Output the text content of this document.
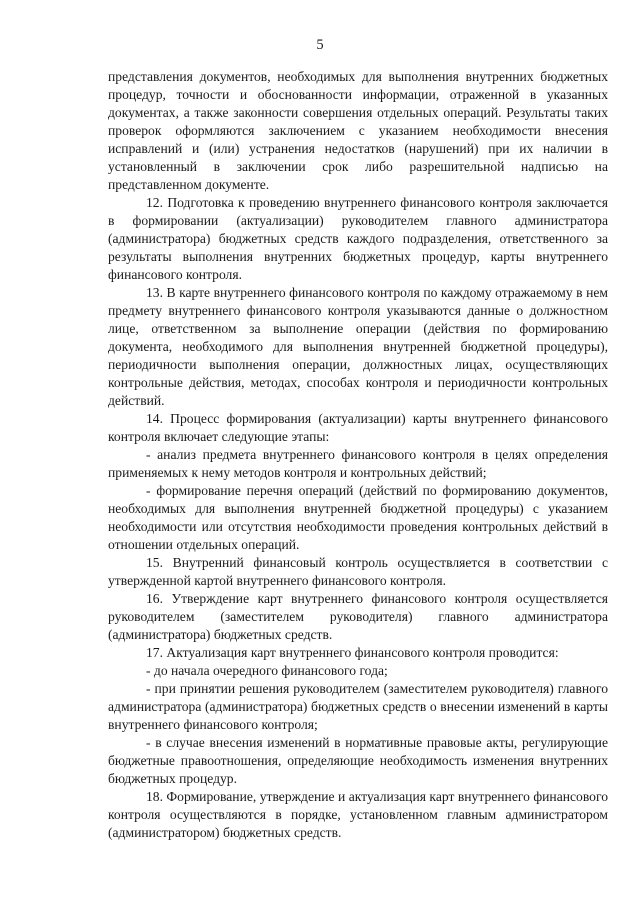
5

представления документов, необходимых для выполнения внутренних бюджетных процедур, точности и обоснованности информации, отраженной в указанных документах, а также законности совершения отдельных операций. Результаты таких проверок оформляются заключением с указанием необходимости внесения исправлений и (или) устранения недостатков (нарушений) при их наличии в установленный в заключении срок либо разрешительной надписью на представленном документе.

12. Подготовка к проведению внутреннего финансового контроля заключается в формировании (актуализации) руководителем главного администратора (администратора) бюджетных средств каждого подразделения, ответственного за результаты выполнения внутренних бюджетных процедур, карты внутреннего финансового контроля.

13. В карте внутреннего финансового контроля по каждому отражаемому в нем предмету внутреннего финансового контроля указываются данные о должностном лице, ответственном за выполнение операции (действия по формированию документа, необходимого для выполнения внутренней бюджетной процедуры), периодичности выполнения операции, должностных лицах, осуществляющих контрольные действия, методах, способах контроля и периодичности контрольных действий.

14. Процесс формирования (актуализации) карты внутреннего финансового контроля включает следующие этапы:

- анализ предмета внутреннего финансового контроля в целях определения применяемых к нему методов контроля и контрольных действий;

- формирование перечня операций (действий по формированию документов, необходимых для выполнения внутренней бюджетной процедуры) с указанием необходимости или отсутствия необходимости проведения контрольных действий в отношении отдельных операций.

15. Внутренний финансовый контроль осуществляется в соответствии с утвержденной картой внутреннего финансового контроля.

16. Утверждение карт внутреннего финансового контроля осуществляется руководителем (заместителем руководителя) главного администратора (администратора) бюджетных средств.

17. Актуализация карт внутреннего финансового контроля проводится:

- до начала очередного финансового года;

- при принятии решения руководителем (заместителем руководителя) главного администратора (администратора) бюджетных средств о внесении изменений в карты внутреннего финансового контроля;

- в случае внесения изменений в нормативные правовые акты, регулирующие бюджетные правоотношения, определяющие необходимость изменения внутренних бюджетных процедур.

18. Формирование, утверждение и актуализация карт внутреннего финансового контроля осуществляются в порядке, установленном главным администратором (администратором) бюджетных средств.
